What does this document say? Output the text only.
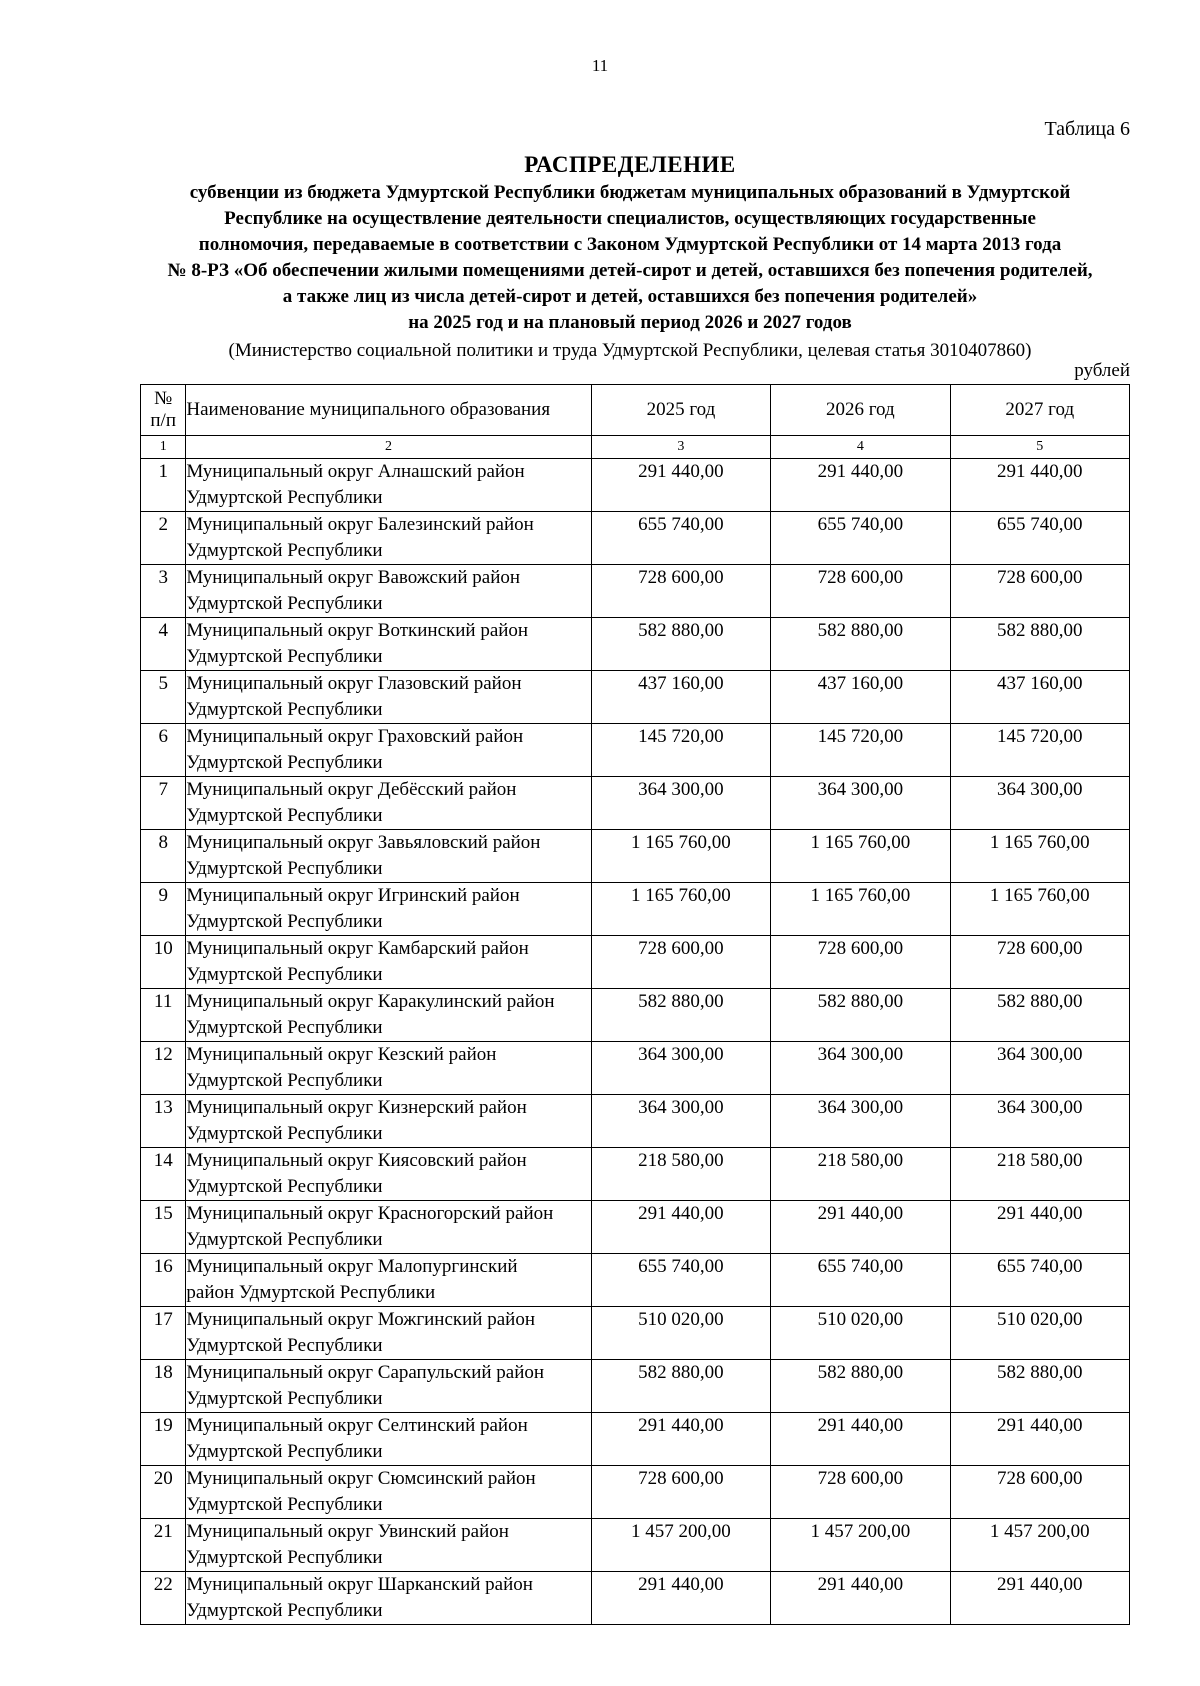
11
Таблица 6
РАСПРЕДЕЛЕНИЕ
субвенции из бюджета Удмуртской Республики бюджетам муниципальных образований в Удмуртской
Республике на осуществление деятельности специалистов, осуществляющих государственные
полномочия, передаваемые в соответствии с Законом Удмуртской Республики от 14 марта 2013 года
№ 8-РЗ «Об обеспечении жилыми помещениями детей-сирот и детей, оставшихся без попечения родителей,
а также лиц из числа детей-сирот и детей, оставшихся без попечения родителей»
на 2025 год и на плановый период 2026 и 2027 годов
(Министерство социальной политики и труда Удмуртской Республики, целевая статья 3010407860)
рублей
№
п/п	Наименование муниципального образования	2025 год	2026 год	2027 год
1	2	3	4	5
1	Муниципальный округ Алнашский район
Удмуртской Республики	291 440,00	291 440,00	291 440,00
2	Муниципальный округ Балезинский район
Удмуртской Республики	655 740,00	655 740,00	655 740,00
3	Муниципальный округ Вавожский район
Удмуртской Республики	728 600,00	728 600,00	728 600,00
4	Муниципальный округ Воткинский район
Удмуртской Республики	582 880,00	582 880,00	582 880,00
5	Муниципальный округ Глазовский район
Удмуртской Республики	437 160,00	437 160,00	437 160,00
6	Муниципальный округ Граховский район
Удмуртской Республики	145 720,00	145 720,00	145 720,00
7	Муниципальный округ Дебёсский район
Удмуртской Республики	364 300,00	364 300,00	364 300,00
8	Муниципальный округ Завьяловский район
Удмуртской Республики	1 165 760,00	1 165 760,00	1 165 760,00
9	Муниципальный округ Игринский район
Удмуртской Республики	1 165 760,00	1 165 760,00	1 165 760,00
10	Муниципальный округ Камбарский район
Удмуртской Республики	728 600,00	728 600,00	728 600,00
11	Муниципальный округ Каракулинский район
Удмуртской Республики	582 880,00	582 880,00	582 880,00
12	Муниципальный округ Кезский район
Удмуртской Республики	364 300,00	364 300,00	364 300,00
13	Муниципальный округ Кизнерский район
Удмуртской Республики	364 300,00	364 300,00	364 300,00
14	Муниципальный округ Киясовский район
Удмуртской Республики	218 580,00	218 580,00	218 580,00
15	Муниципальный округ Красногорский район
Удмуртской Республики	291 440,00	291 440,00	291 440,00
16	Муниципальный округ Малопургинский
район Удмуртской Республики	655 740,00	655 740,00	655 740,00
17	Муниципальный округ Можгинский район
Удмуртской Республики	510 020,00	510 020,00	510 020,00
18	Муниципальный округ Сарапульский район
Удмуртской Республики	582 880,00	582 880,00	582 880,00
19	Муниципальный округ Селтинский район
Удмуртской Республики	291 440,00	291 440,00	291 440,00
20	Муниципальный округ Сюмсинский район
Удмуртской Республики	728 600,00	728 600,00	728 600,00
21	Муниципальный округ Увинский район
Удмуртской Республики	1 457 200,00	1 457 200,00	1 457 200,00
22	Муниципальный округ Шарканский район
Удмуртской Республики	291 440,00	291 440,00	291 440,00
